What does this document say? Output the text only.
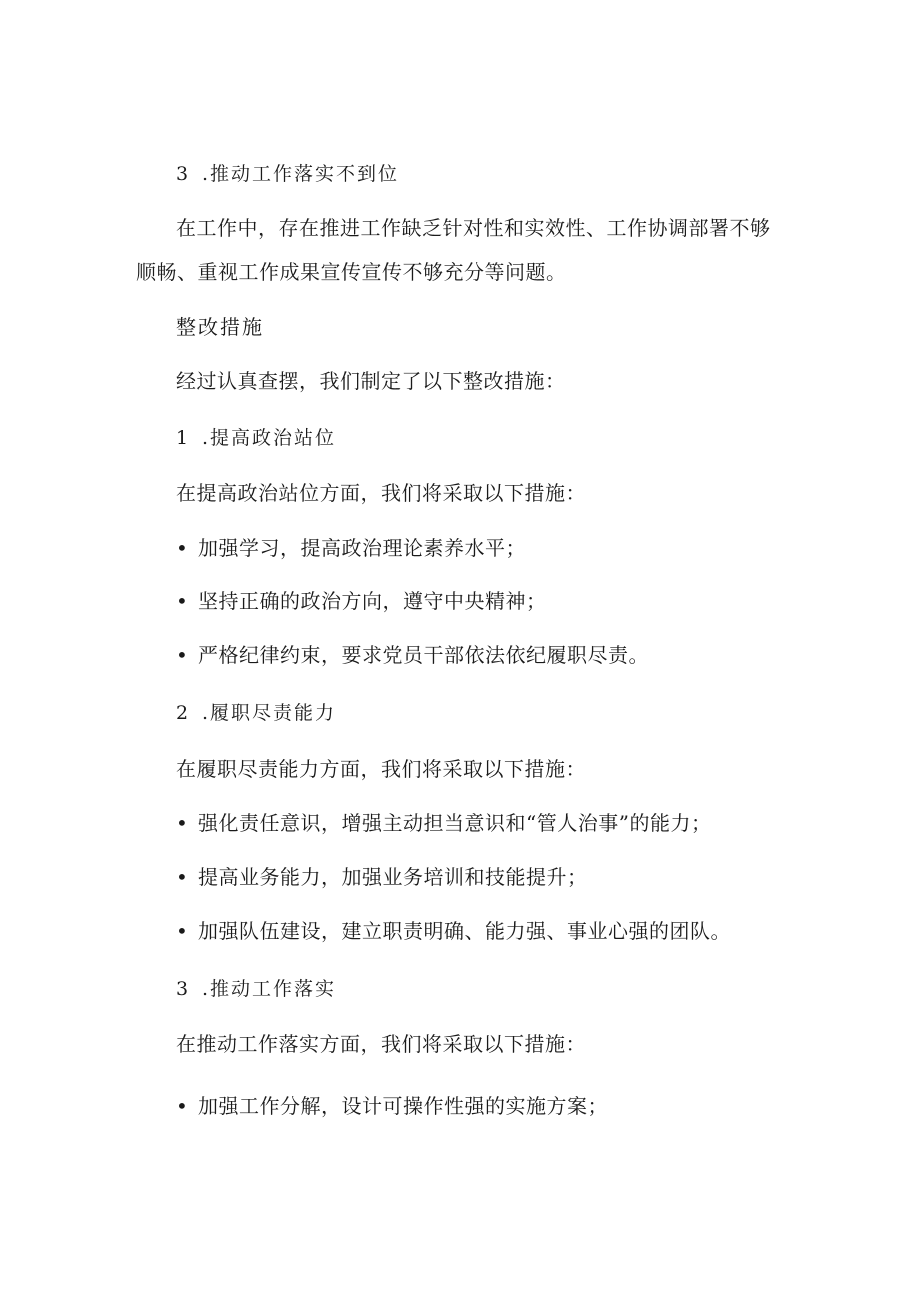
3 .推动工作落实不到位
在工作中，存在推进工作缺乏针对性和实效性、工作协调部署不够
顺畅、重视工作成果宣传宣传不够充分等问题。
整改措施
经过认真查摆，我们制定了以下整改措施：
1 .提高政治站位
在提高政治站位方面，我们将采取以下措施：
• 加强学习，提高政治理论素养水平；
• 坚持正确的政治方向，遵守中央精神；
• 严格纪律约束，要求党员干部依法依纪履职尽责。
2 .履职尽责能力
在履职尽责能力方面，我们将采取以下措施：
• 强化责任意识，增强主动担当意识和“管人治事”的能力；
• 提高业务能力，加强业务培训和技能提升；
• 加强队伍建设，建立职责明确、能力强、事业心强的团队。
3 .推动工作落实
在推动工作落实方面，我们将采取以下措施：
• 加强工作分解，设计可操作性强的实施方案；
